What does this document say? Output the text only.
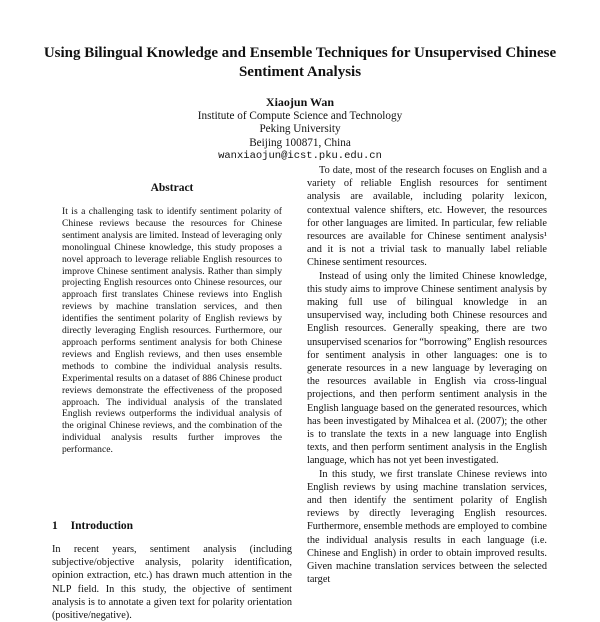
Using Bilingual Knowledge and Ensemble Techniques for Unsupervised Chinese Sentiment Analysis
Xiaojun Wan
Institute of Compute Science and Technology
Peking University
Beijing 100871, China
wanxiaojun@icst.pku.edu.cn
Abstract
It is a challenging task to identify sentiment polarity of Chinese reviews because the resources for Chinese sentiment analysis are limited. Instead of leveraging only monolingual Chinese knowledge, this study proposes a novel approach to leverage reliable English resources to improve Chinese sentiment analysis. Rather than simply projecting English resources onto Chinese resources, our approach first translates Chinese reviews into English reviews by machine translation services, and then identifies the sentiment polarity of English reviews by directly leveraging English resources. Furthermore, our approach performs sentiment analysis for both Chinese reviews and English reviews, and then uses ensemble methods to combine the individual analysis results. Experimental results on a dataset of 886 Chinese product reviews demonstrate the effectiveness of the proposed approach. The individual analysis of the translated English reviews outperforms the individual analysis of the original Chinese reviews, and the combination of the individual analysis results further improves the performance.
1 Introduction
In recent years, sentiment analysis (including subjective/objective analysis, polarity identification, opinion extraction, etc.) has drawn much attention in the NLP field. In this study, the objective of sentiment analysis is to annotate a given text for polarity orientation (positive/negative).

To date, most of the research focuses on English and a variety of reliable English resources for sentiment analysis are available, including polarity lexicon, contextual valence shifters, etc. However, the resources for other languages are limited. In particular, few reliable resources are available for Chinese sentiment analysis¹ and it is not a trivial task to manually label reliable Chinese sentiment resources.

Instead of using only the limited Chinese knowledge, this study aims to improve Chinese sentiment analysis by making full use of bilingual knowledge in an unsupervised way, including both Chinese resources and English resources. Generally speaking, there are two unsupervised scenarios for “borrowing” English resources for sentiment analysis in other languages: one is to generate resources in a new language by leveraging on the resources available in English via cross-lingual projections, and then perform sentiment analysis in the English language based on the generated resources, which has been investigated by Mihalcea et al. (2007); the other is to translate the texts in a new language into English texts, and then perform sentiment analysis in the English language, which has not yet been investigated.

In this study, we first translate Chinese reviews into English reviews by using machine translation services, and then identify the sentiment polarity of English reviews by directly leveraging English resources. Furthermore, ensemble methods are employed to combine the individual analysis results in each language (i.e. Chinese and English) in order to obtain improved results. Given machine translation services between the selected target
